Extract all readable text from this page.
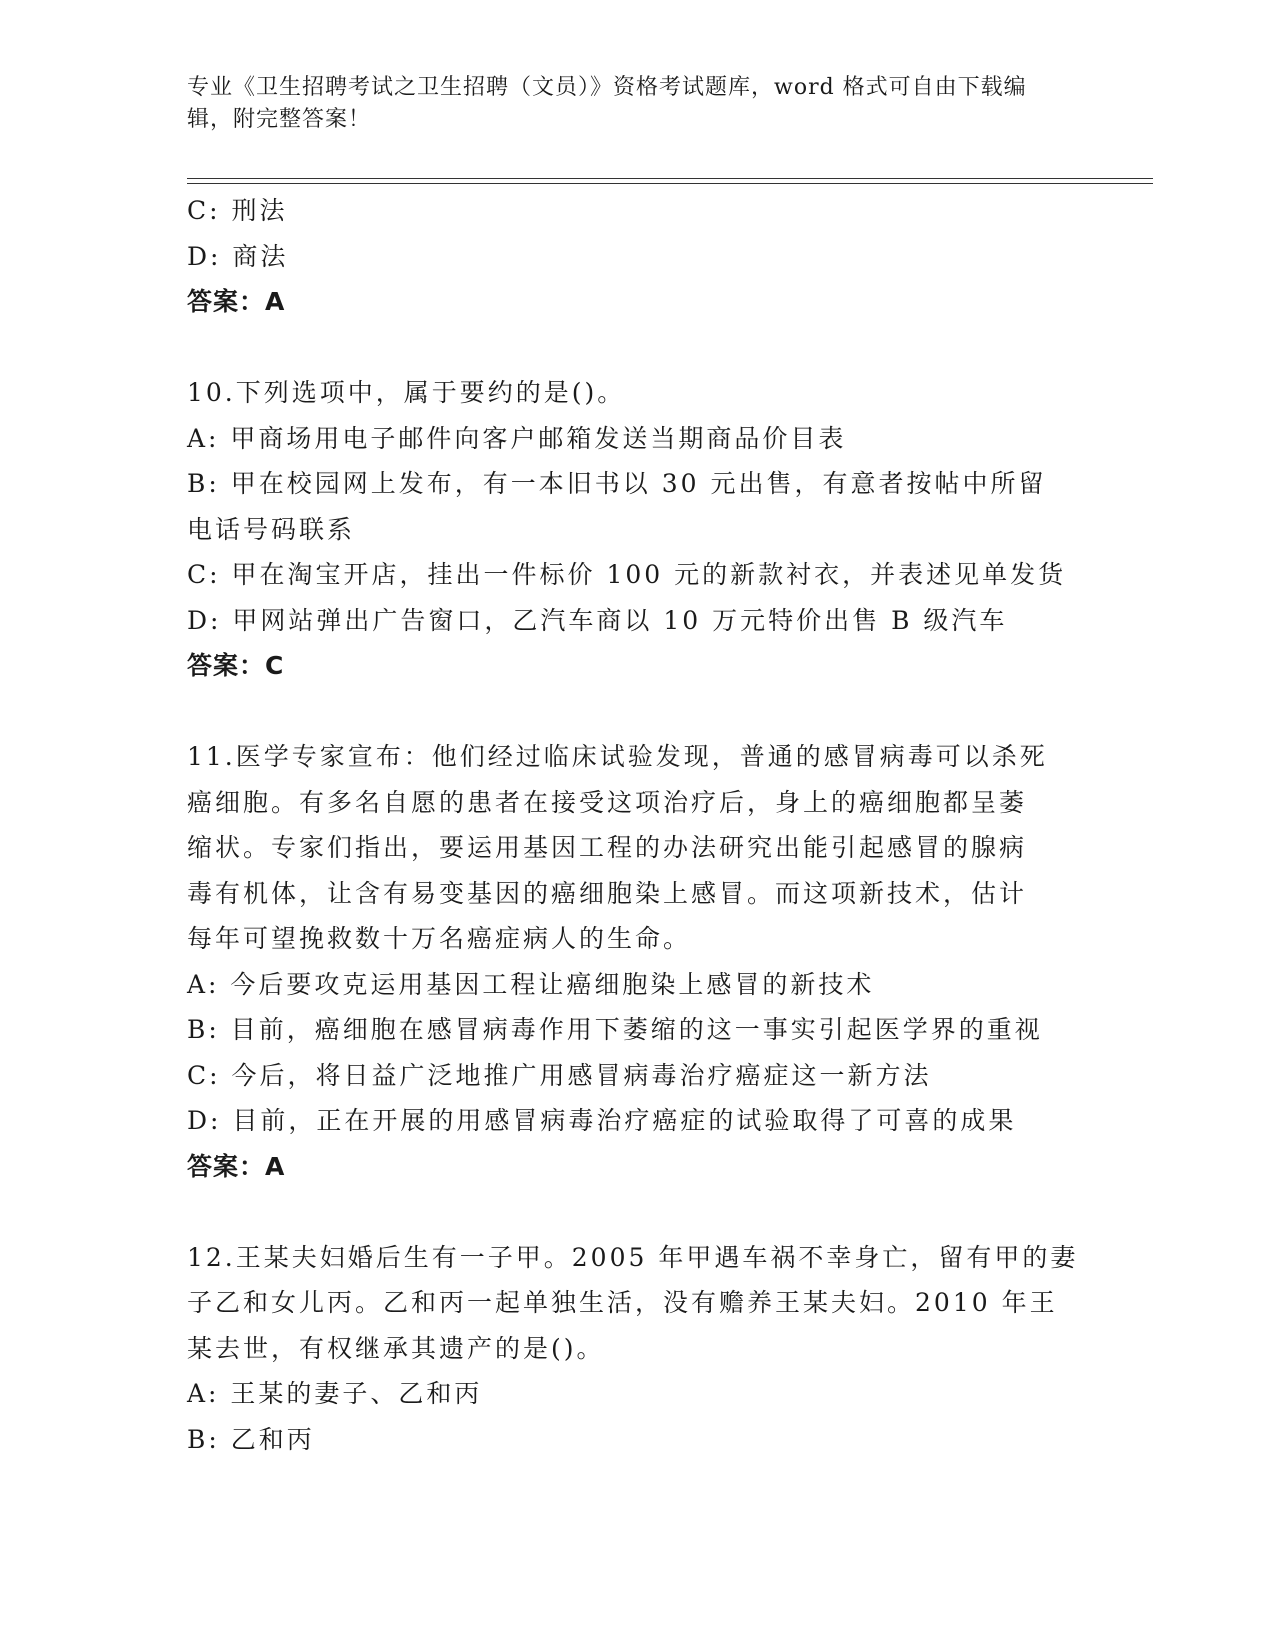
专业《卫生招聘考试之卫生招聘（文员）》资格考试题库，word 格式可自由下载编辑，附完整答案！

C: 刑法

D: 商法

答案：A

10.下列选项中，属于要约的是()。

A: 甲商场用电子邮件向客户邮箱发送当期商品价目表

B: 甲在校园网上发布，有一本旧书以 30 元出售，有意者按帖中所留

电话号码联系

C: 甲在淘宝开店，挂出一件标价 100 元的新款衬衣，并表述见单发货

D: 甲网站弹出广告窗口，乙汽车商以 10 万元特价出售 B 级汽车

答案：C

11.医学专家宣布：他们经过临床试验发现，普通的感冒病毒可以杀死

癌细胞。有多名自愿的患者在接受这项治疗后，身上的癌细胞都呈萎

缩状。专家们指出，要运用基因工程的办法研究出能引起感冒的腺病

毒有机体，让含有易变基因的癌细胞染上感冒。而这项新技术，估计

每年可望挽救数十万名癌症病人的生命。

A: 今后要攻克运用基因工程让癌细胞染上感冒的新技术

B: 目前，癌细胞在感冒病毒作用下萎缩的这一事实引起医学界的重视

C: 今后，将日益广泛地推广用感冒病毒治疗癌症这一新方法

D: 目前，正在开展的用感冒病毒治疗癌症的试验取得了可喜的成果

答案：A

12.王某夫妇婚后生有一子甲。2005 年甲遇车祸不幸身亡，留有甲的妻

子乙和女儿丙。乙和丙一起单独生活，没有赡养王某夫妇。2010 年王

某去世，有权继承其遗产的是()。

A: 王某的妻子、乙和丙

B: 乙和丙
